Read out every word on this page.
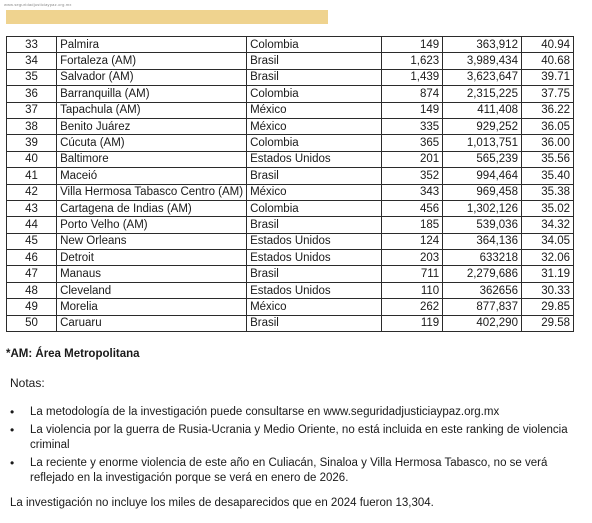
www.seguridadjusticiaypaz.org.mx
33	Palmira	Colombia	149	363,912	40.94
34	Fortaleza (AM)	Brasil	1,623	3,989,434	40.68
35	Salvador (AM)	Brasil	1,439	3,623,647	39.71
36	Barranquilla (AM)	Colombia	874	2,315,225	37.75
37	Tapachula (AM)	México	149	411,408	36.22
38	Benito Juárez	México	335	929,252	36.05
39	Cúcuta (AM)	Colombia	365	1,013,751	36.00
40	Baltimore	Estados Unidos	201	565,239	35.56
41	Maceió	Brasil	352	994,464	35.40
42	Villa Hermosa Tabasco Centro (AM)	México	343	969,458	35.38
43	Cartagena de Indias (AM)	Colombia	456	1,302,126	35.02
44	Porto Velho (AM)	Brasil	185	539,036	34.32
45	New Orleans	Estados Unidos	124	364,136	34.05
46	Detroit	Estados Unidos	203	633218	32.06
47	Manaus	Brasil	711	2,279,686	31.19
48	Cleveland	Estados Unidos	110	362656	30.33
49	Morelia	México	262	877,837	29.85
50	Caruaru	Brasil	119	402,290	29.58
*AM: Área Metropolitana
Notas:
• La metodología de la investigación puede consultarse en www.seguridadjusticiaypaz.org.mx
• La violencia por la guerra de Rusia-Ucrania y Medio Oriente, no está incluida en este ranking de violencia criminal
• La reciente y enorme violencia de este año en Culiacán, Sinaloa y Villa Hermosa Tabasco, no se verá reflejado en la investigación porque se verá en enero de 2026.
La investigación no incluye los miles de desaparecidos que en 2024 fueron 13,304.
